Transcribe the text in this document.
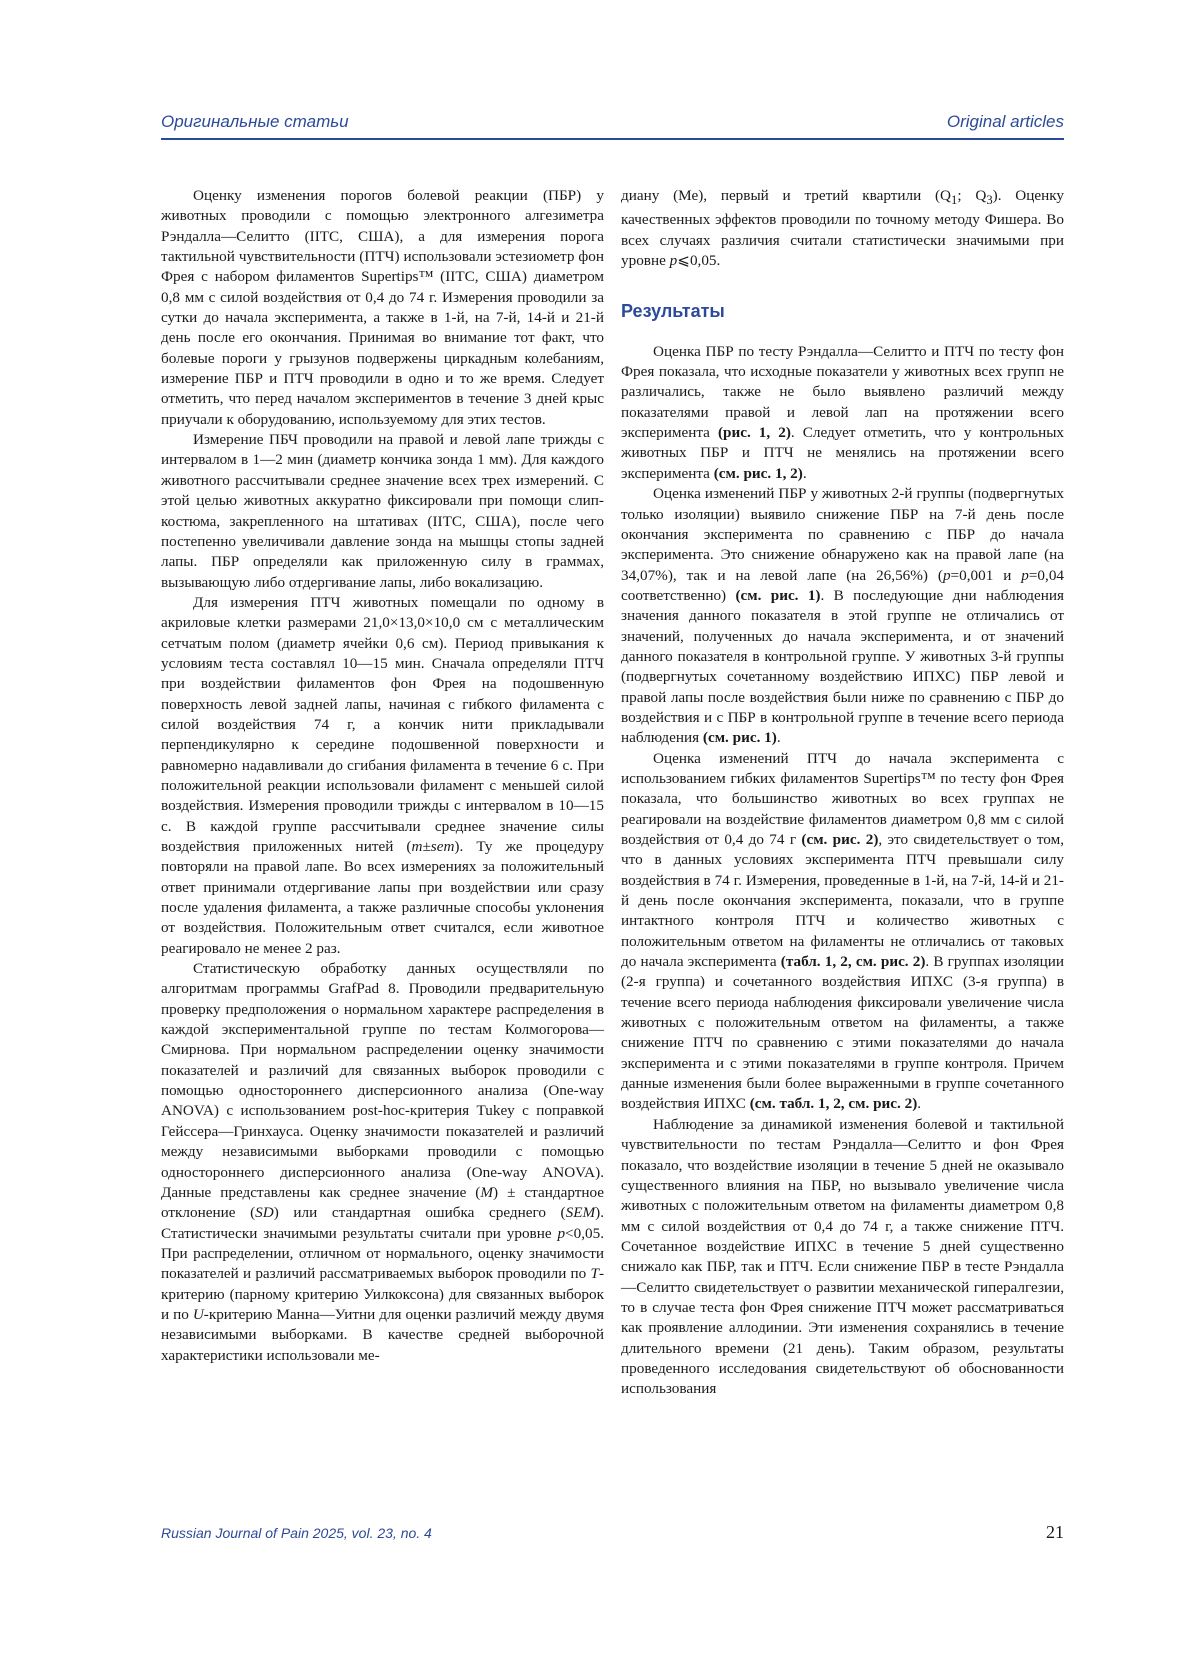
Оригинальные статьи	Original articles

Оценку изменения порогов болевой реакции (ПБР) у животных проводили с помощью электронного алгезиметра Рэндалла—Селитто (IITC, США), а для измерения порога тактильной чувствительности (ПТЧ) использовали эстезиометр фон Фрея с набором филаментов Supertips™ (IITC, США) диаметром 0,8 мм с силой воздействия от 0,4 до 74 г. Измерения проводили за сутки до начала эксперимента, а также в 1-й, на 7-й, 14-й и 21-й день после его окончания. Принимая во внимание тот факт, что болевые пороги у грызунов подвержены циркадным колебаниям, измерение ПБР и ПТЧ проводили в одно и то же время. Следует отметить, что перед началом экспериментов в течение 3 дней крыс приучали к оборудованию, используемому для этих тестов.

Измерение ПБЧ проводили на правой и левой лапе трижды с интервалом в 1—2 мин (диаметр кончика зонда 1 мм). Для каждого животного рассчитывали среднее значение всех трех измерений. С этой целью животных аккуратно фиксировали при помощи слип-костюма, закрепленного на штативах (IITC, США), после чего постепенно увеличивали давление зонда на мышцы стопы задней лапы. ПБР определяли как приложенную силу в граммах, вызывающую либо отдергивание лапы, либо вокализацию.

Для измерения ПТЧ животных помещали по одному в акриловые клетки размерами 21,0×13,0×10,0 см с металлическим сетчатым полом (диаметр ячейки 0,6 см). Период привыкания к условиям теста составлял 10—15 мин. Сначала определяли ПТЧ при воздействии филаментов фон Фрея на подошвенную поверхность левой задней лапы, начиная с гибкого филамента с силой воздействия 74 г, а кончик нити прикладывали перпендикулярно к середине подошвенной поверхности и равномерно надавливали до сгибания филамента в течение 6 с. При положительной реакции использовали филамент с меньшей силой воздействия. Измерения проводили трижды с интервалом в 10—15 с. В каждой группе рассчитывали среднее значение силы воздействия приложенных нитей (m±sem). Ту же процедуру повторяли на правой лапе. Во всех измерениях за положительный ответ принимали отдергивание лапы при воздействии или сразу после удаления филамента, а также различные способы уклонения от воздействия. Положительным ответ считался, если животное реагировало не менее 2 раз.

Статистическую обработку данных осуществляли по алгоритмам программы GrafPad 8. Проводили предварительную проверку предположения о нормальном характере распределения в каждой экспериментальной группе по тестам Колмогорова—Смирнова. При нормальном распределении оценку значимости показателей и различий для связанных выборок проводили с помощью одностороннего дисперсионного анализа (One-way ANOVA) с использованием post-hoc-критерия Tukey с поправкой Гейссера—Гринхауса. Оценку значимости показателей и различий между независимыми выборками проводили с помощью одностороннего дисперсионного анализа (One-way ANOVA). Данные представлены как среднее значение (M) ± стандартное отклонение (SD) или стандартная ошибка среднего (SEM). Статистически значимыми результаты считали при уровне p<0,05. При распределении, отличном от нормального, оценку значимости показателей и различий рассматриваемых выборок проводили по T-критерию (парному критерию Уилкоксона) для связанных выборок и по U-критерию Манна—Уитни для оценки различий между двумя независимыми выборками. В качестве средней выборочной характеристики использовали ме-

диану (Ме), первый и третий квартили ($Q_1$; $Q_3$). Оценку качественных эффектов проводили по точному методу Фишера. Во всех случаях различия считали статистически значимыми при уровне p⩽0,05.

Результаты

Оценка ПБР по тесту Рэндалла—Селитто и ПТЧ по тесту фон Фрея показала, что исходные показатели у животных всех групп не различались, также не было выявлено различий между показателями правой и левой лап на протяжении всего эксперимента (рис. 1, 2). Следует отметить, что у контрольных животных ПБР и ПТЧ не менялись на протяжении всего эксперимента (см. рис. 1, 2).

Оценка изменений ПБР у животных 2-й группы (подвергнутых только изоляции) выявило снижение ПБР на 7-й день после окончания эксперимента по сравнению с ПБР до начала эксперимента. Это снижение обнаружено как на правой лапе (на 34,07%), так и на левой лапе (на 26,56%) (p=0,001 и p=0,04 соответственно) (см. рис. 1). В последующие дни наблюдения значения данного показателя в этой группе не отличались от значений, полученных до начала эксперимента, и от значений данного показателя в контрольной группе. У животных 3-й группы (подвергнутых сочетанному воздействию ИПХС) ПБР левой и правой лапы после воздействия были ниже по сравнению с ПБР до воздействия и с ПБР в контрольной группе в течение всего периода наблюдения (см. рис. 1).

Оценка изменений ПТЧ до начала эксперимента с использованием гибких филаментов Supertips™ по тесту фон Фрея показала, что большинство животных во всех группах не реагировали на воздействие филаментов диаметром 0,8 мм с силой воздействия от 0,4 до 74 г (см. рис. 2), это свидетельствует о том, что в данных условиях эксперимента ПТЧ превышали силу воздействия в 74 г. Измерения, проведенные в 1-й, на 7-й, 14-й и 21-й день после окончания эксперимента, показали, что в группе интактного контроля ПТЧ и количество животных с положительным ответом на филаменты не отличались от таковых до начала эксперимента (табл. 1, 2, см. рис. 2). В группах изоляции (2-я группа) и сочетанного воздействия ИПХС (3-я группа) в течение всего периода наблюдения фиксировали увеличение числа животных с положительным ответом на филаменты, а также снижение ПТЧ по сравнению с этими показателями до начала эксперимента и с этими показателями в группе контроля. Причем данные изменения были более выраженными в группе сочетанного воздействия ИПХС (см. табл. 1, 2, см. рис. 2).

Наблюдение за динамикой изменения болевой и тактильной чувствительности по тестам Рэндалла—Селитто и фон Фрея показало, что воздействие изоляции в течение 5 дней не оказывало существенного влияния на ПБР, но вызывало увеличение числа животных с положительным ответом на филаменты диаметром 0,8 мм с силой воздействия от 0,4 до 74 г, а также снижение ПТЧ. Сочетанное воздействие ИПХС в течение 5 дней существенно снижало как ПБР, так и ПТЧ. Если снижение ПБР в тесте Рэндалла—Селитто свидетельствует о развитии механической гипералгезии, то в случае теста фон Фрея снижение ПТЧ может рассматриваться как проявление аллодинии. Эти изменения сохранялись в течение длительного времени (21 день). Таким образом, результаты проведенного исследования свидетельствуют об обоснованности использования

Russian Journal of Pain 2025, vol. 23, no. 4	21
